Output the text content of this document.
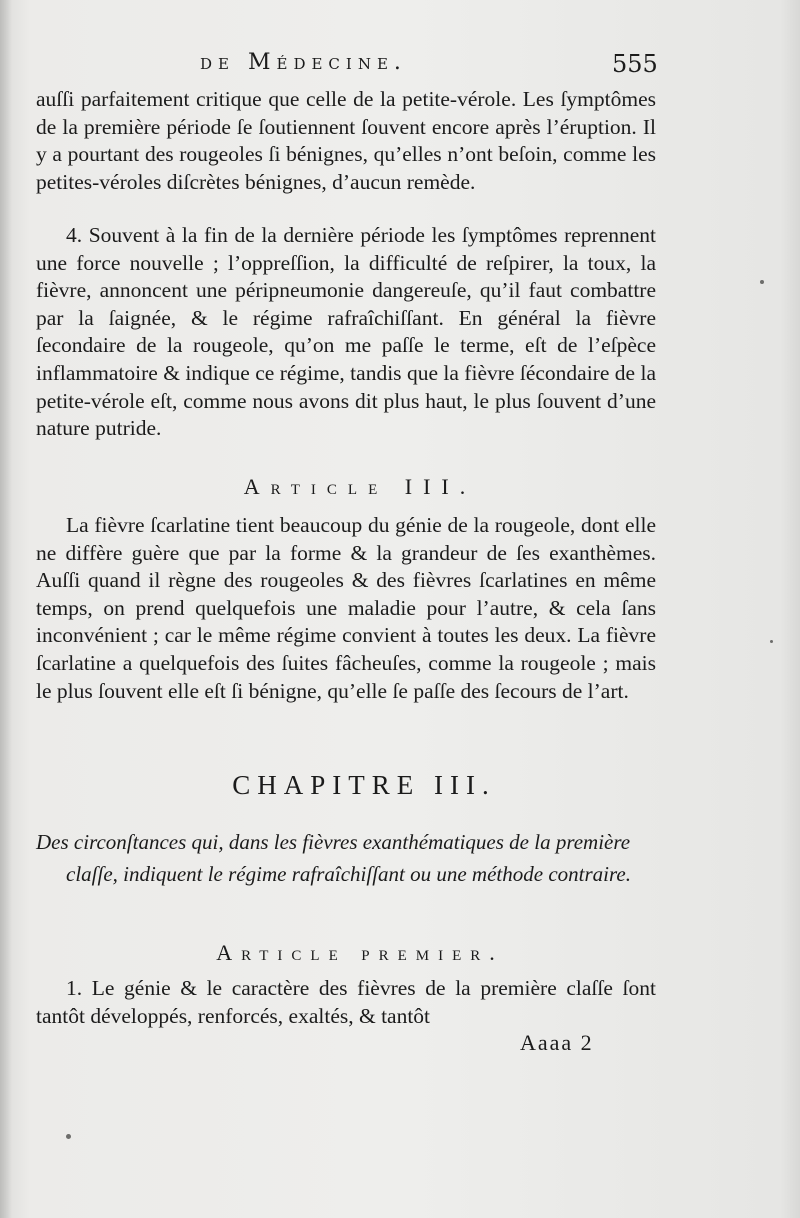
de Médecine.	555

auſſi parfaitement critique que celle de la petite-vérole. Les ſymptômes de la première période ſe ſoutiennent ſouvent encore après l’éruption. Il y a pourtant des rougeoles ſi bénignes, qu’elles n’ont beſoin, comme les petites-véroles diſcrètes bénignes, d’aucun remède.

4. Souvent à la fin de la dernière période les ſymptômes reprennent une force nouvelle ; l’oppreſſion, la difficulté de reſpirer, la toux, la fièvre, annoncent une péripneumonie dangereuſe, qu’il faut combattre par la ſaignée, & le régime rafraîchiſſant. En général la fièvre ſecondaire de la rougeole, qu’on me paſſe le terme, eſt de l’eſpèce inflammatoire & indique ce régime, tandis que la fièvre ſécondaire de la petite-vérole eſt, comme nous avons dit plus haut, le plus ſouvent d’une nature putride.

Article III.

La fièvre ſcarlatine tient beaucoup du génie de la rougeole, dont elle ne diffère guère que par la forme & la grandeur de ſes exanthèmes. Auſſi quand il règne des rougeoles & des fièvres ſcarlatines en même temps, on prend quelquefois une maladie pour l’autre, & cela ſans inconvénient ; car le même régime convient à toutes les deux. La fièvre ſcarlatine a quelquefois des ſuites fâcheuſes, comme la rougeole ; mais le plus ſouvent elle eſt ſi bénigne, qu’elle ſe paſſe des ſecours de l’art.

CHAPITRE III.
Des circonſtances qui, dans les fièvres exanthématiques de la première claſſe, indiquent le régime rafraîchiſſant ou une méthode contraire.
Article premier.

1. Le génie & le caractère des fièvres de la première claſſe ſont tantôt développés, renforcés, exaltés, & tantôt

Aaaa 2
